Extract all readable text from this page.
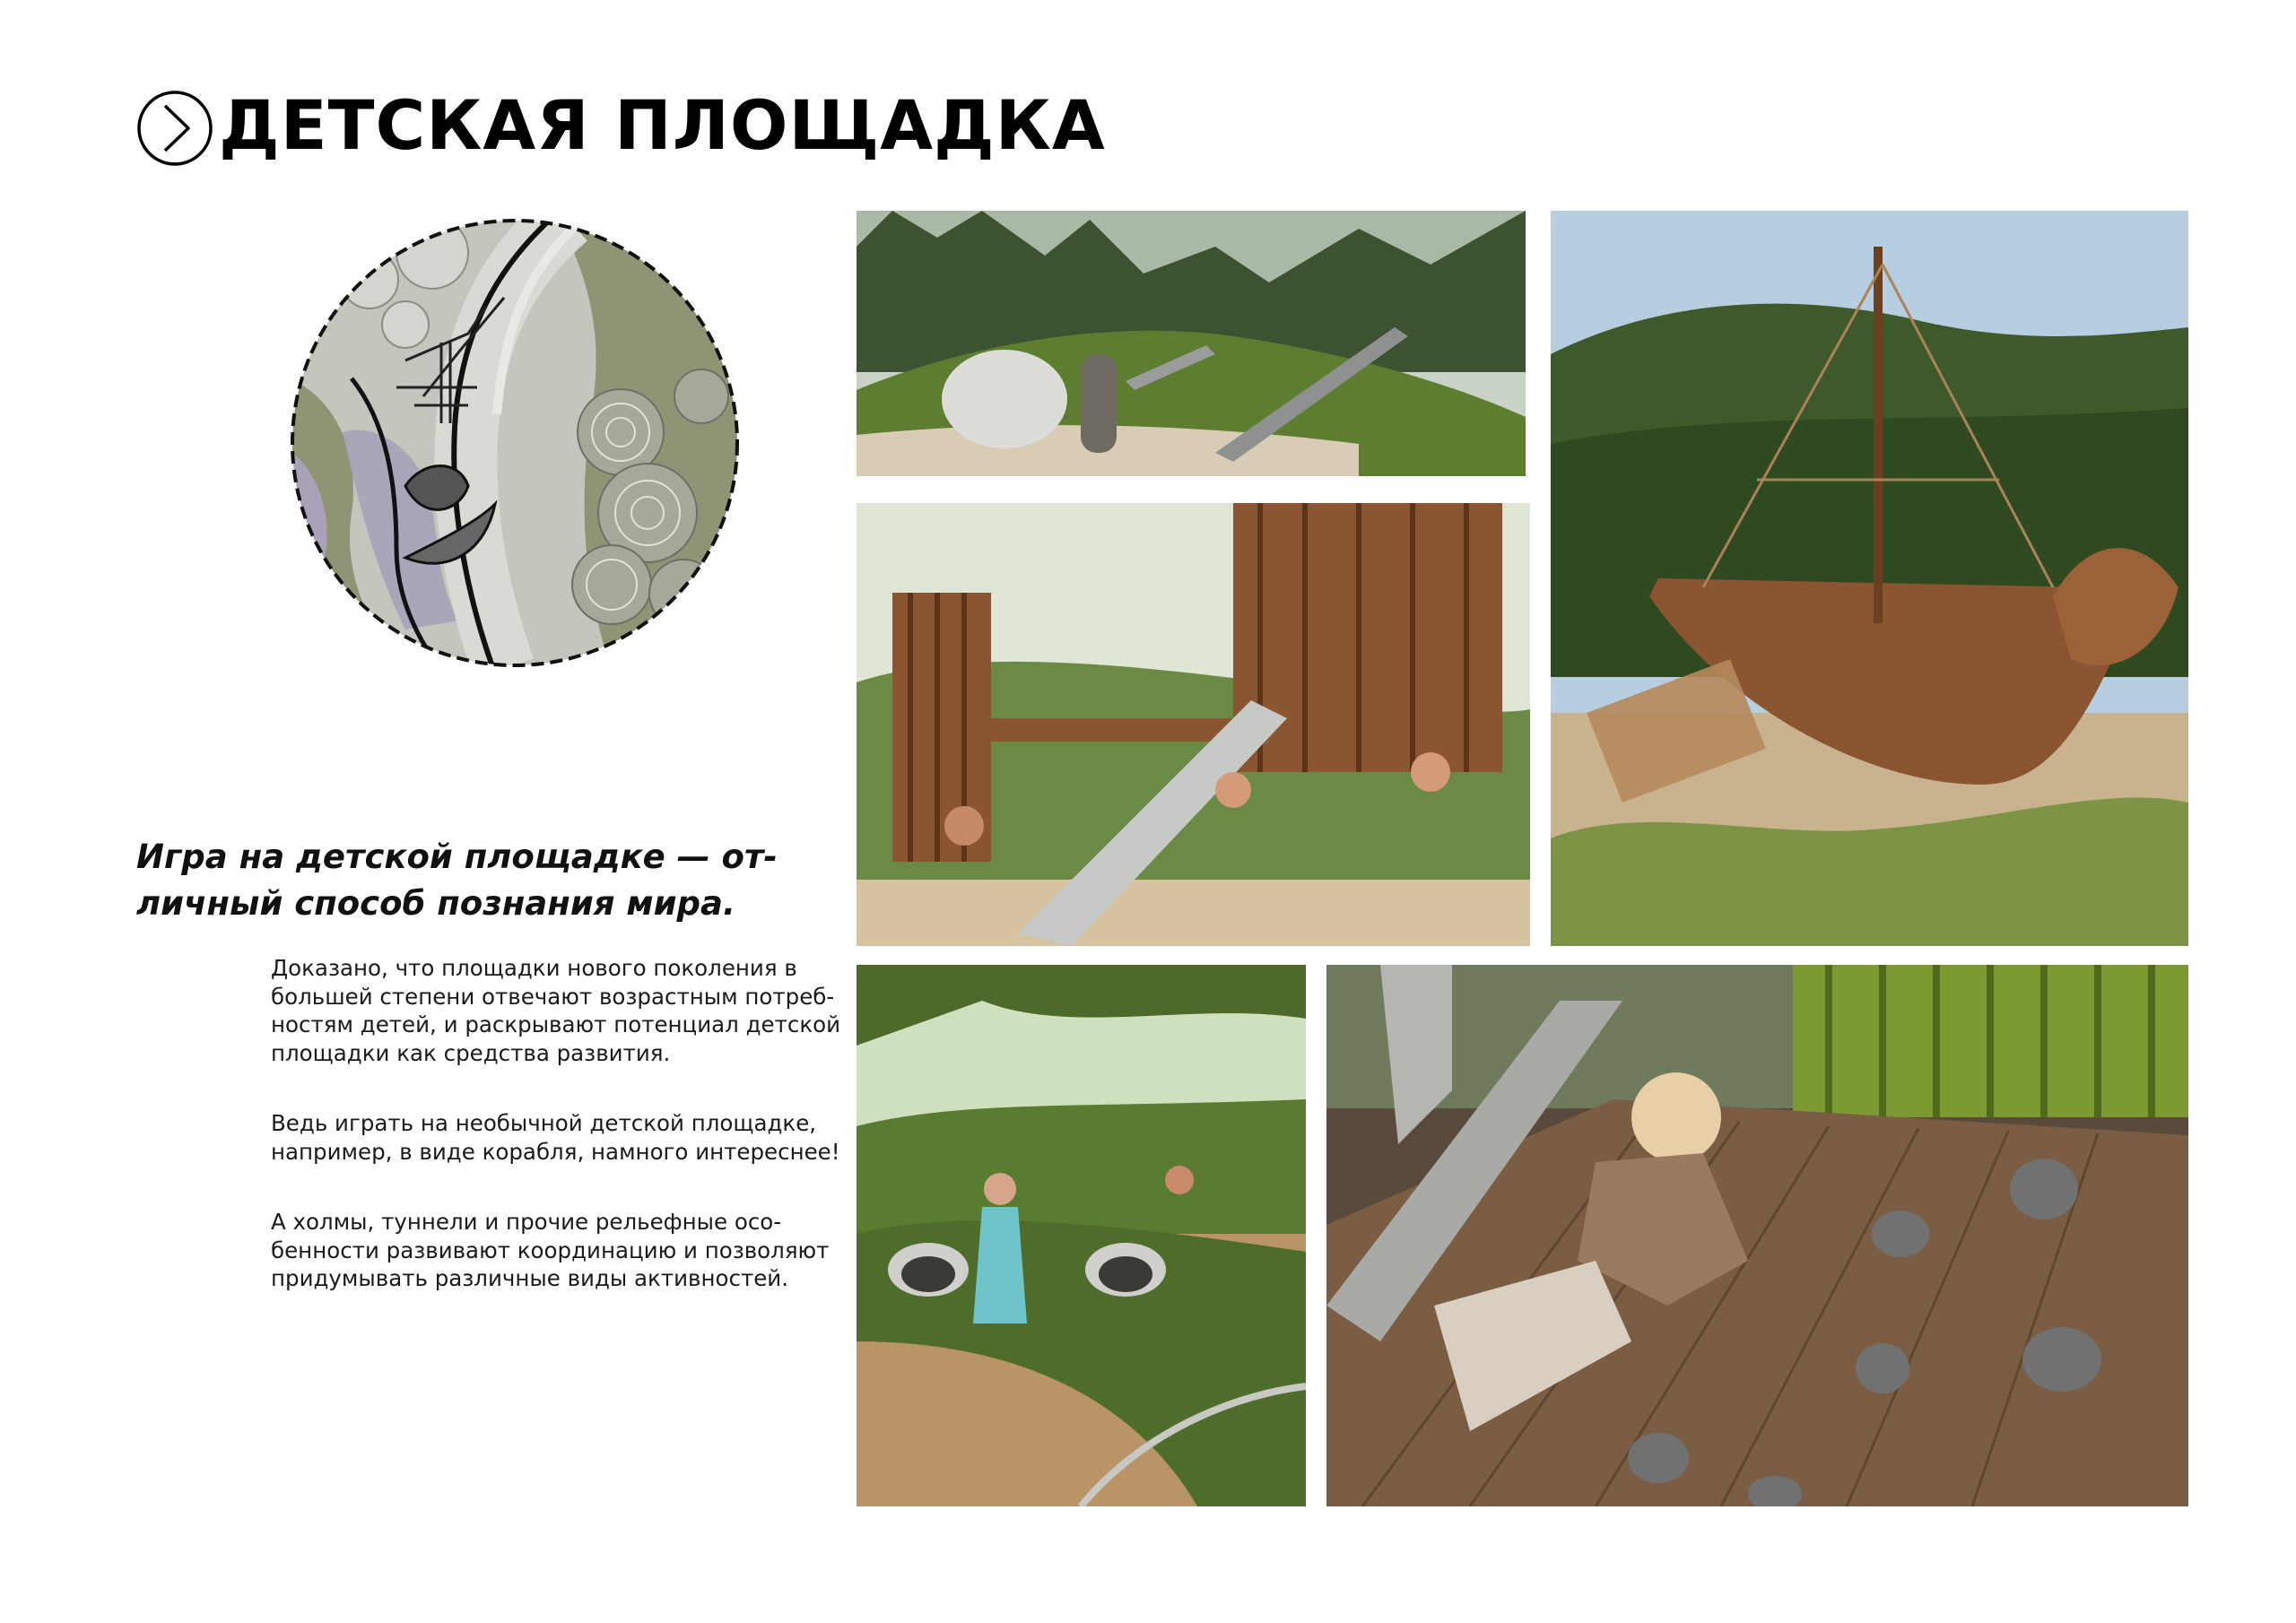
ДЕТСКАЯ ПЛОЩАДКА

Игра на детской площадке — отличный способ познания мира.

Доказано, что площадки нового поколения в большей степени отвечают возрастным потребностям детей, и раскрывают потенциал детской площадки как средства развития.

Ведь играть на необычной детской площадке, например, в виде корабля, намного интереснее!

А холмы, туннели и прочие рельефные особенности развивают координацию и позволяют придумывать различные виды активностей.
